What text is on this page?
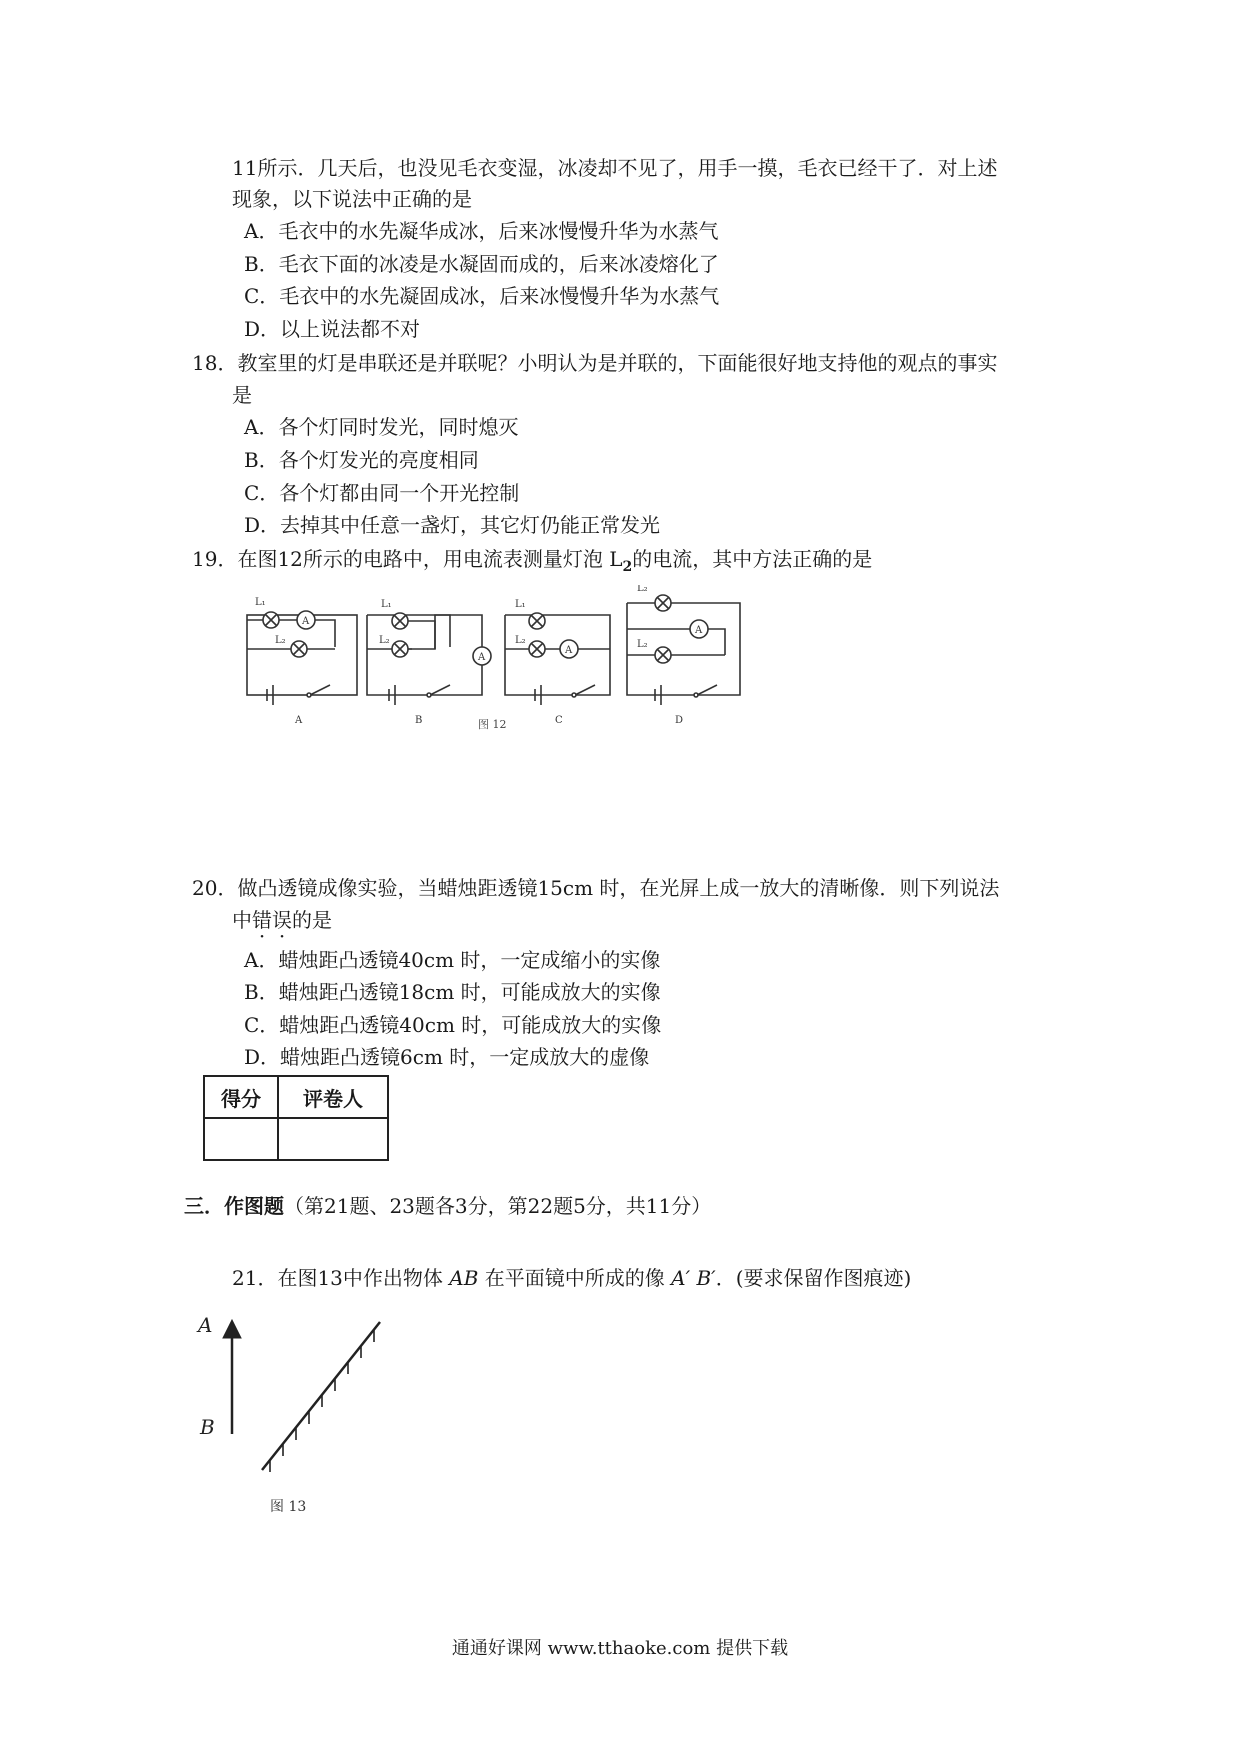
11所示．几天后，也没见毛衣变湿，冰凌却不见了，用手一摸，毛衣已经干了．对上述
现象，以下说法中正确的是
A．毛衣中的水先凝华成冰，后来冰慢慢升华为水蒸气
B．毛衣下面的冰凌是水凝固而成的，后来冰凌熔化了
C．毛衣中的水先凝固成冰，后来冰慢慢升华为水蒸气
D．以上说法都不对
18．教室里的灯是串联还是并联呢？小明认为是并联的，下面能很好地支持他的观点的事实
是
A．各个灯同时发光，同时熄灭
B．各个灯发光的亮度相同
C．各个灯都由同一个开光控制
D．去掉其中任意一盏灯，其它灯仍能正常发光
19．在图12所示的电路中，用电流表测量灯泡 $L_2$的电流，其中方法正确的是
L₁
L₂
A
L₁
L₂
A
L₁
L₂
A
L₂
A
L₂
A	B	C	D
图 12
20．做凸透镜成像实验，当蜡烛距透镜15cm 时，在光屏上成一放大的清晰像．则下列说法
中错误的是
A．蜡烛距凸透镜40cm 时，一定成缩小的实像
B．蜡烛距凸透镜18cm 时，可能成放大的实像
C．蜡烛距凸透镜40cm 时，可能成放大的实像
D．蜡烛距凸透镜6cm 时，一定成放大的虚像
得分	评卷人

三．作图题（第21题、23题各3分，第22题5分，共11分）
21．在图13中作出物体 AB 在平面镜中所成的像 A′ B′．(要求保留作图痕迹)
A
B
图 13
通通好课网 www.tthaoke.com 提供下载
